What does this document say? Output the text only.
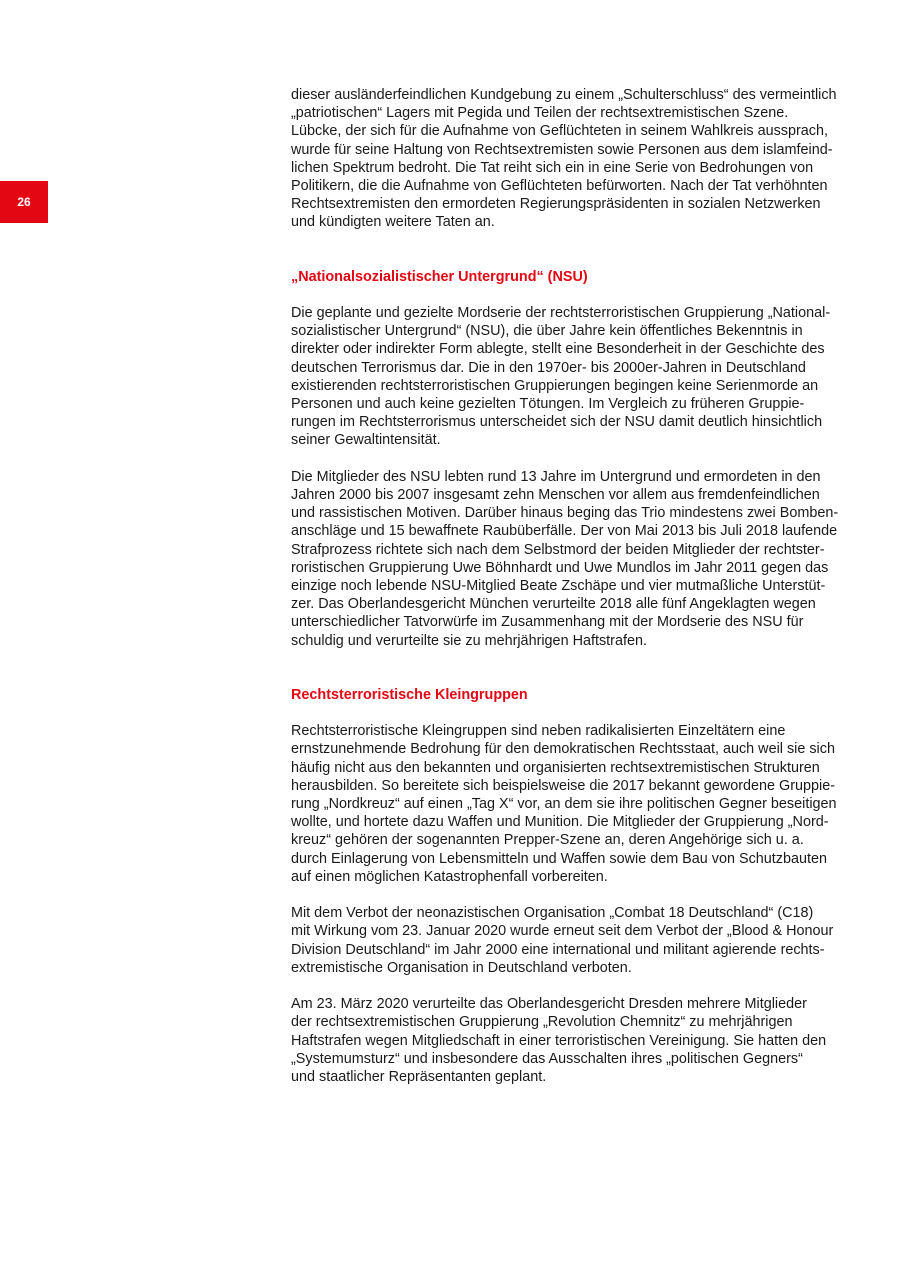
26

dieser ausländerfeindlichen Kundgebung zu einem „Schulterschluss“ des vermeintlich
„patriotischen“ Lagers mit Pegida und Teilen der rechtsextremistischen Szene.
Lübcke, der sich für die Aufnahme von Geflüchteten in seinem Wahlkreis aussprach,
wurde für seine Haltung von Rechtsextremisten sowie Personen aus dem islamfeind-
lichen Spektrum bedroht. Die Tat reiht sich ein in eine Serie von Bedrohungen von
Politikern, die die Aufnahme von Geflüchteten befürworten. Nach der Tat verhöhnten
Rechtsextremisten den ermordeten Regierungspräsidenten in sozialen Netzwerken
und kündigten weitere Taten an.

„Nationalsozialistischer Untergrund“ (NSU)

Die geplante und gezielte Mordserie der rechtsterroristischen Gruppierung „National-
sozialistischer Untergrund“ (NSU), die über Jahre kein öffentliches Bekenntnis in
direkter oder indirekter Form ablegte, stellt eine Besonderheit in der Geschichte des
deutschen Terrorismus dar. Die in den 1970er- bis 2000er-Jahren in Deutschland
existierenden rechtsterroristischen Gruppierungen begingen keine Serienmorde an
Personen und auch keine gezielten Tötungen. Im Vergleich zu früheren Gruppie-
rungen im Rechtsterrorismus unterscheidet sich der NSU damit deutlich hinsichtlich
seiner Gewaltintensität.

Die Mitglieder des NSU lebten rund 13 Jahre im Untergrund und ermordeten in den
Jahren 2000 bis 2007 insgesamt zehn Menschen vor allem aus fremdenfeindlichen
und rassistischen Motiven. Darüber hinaus beging das Trio mindestens zwei Bomben-
anschläge und 15 bewaffnete Raubüberfälle. Der von Mai 2013 bis Juli 2018 laufende
Strafprozess richtete sich nach dem Selbstmord der beiden Mitglieder der rechtster-
roristischen Gruppierung Uwe Böhnhardt und Uwe Mundlos im Jahr 2011 gegen das
einzige noch lebende NSU-Mitglied Beate Zschäpe und vier mutmaßliche Unterstüt-
zer. Das Oberlandesgericht München verurteilte 2018 alle fünf Angeklagten wegen
unterschiedlicher Tatvorwürfe im Zusammenhang mit der Mordserie des NSU für
schuldig und verurteilte sie zu mehrjährigen Haftstrafen.

Rechtsterroristische Kleingruppen

Rechtsterroristische Kleingruppen sind neben radikalisierten Einzeltätern eine
ernstzunehmende Bedrohung für den demokratischen Rechtsstaat, auch weil sie sich
häufig nicht aus den bekannten und organisierten rechtsextremistischen Strukturen
herausbilden. So bereitete sich beispielsweise die 2017 bekannt gewordene Gruppie-
rung „Nordkreuz“ auf einen „Tag X“ vor, an dem sie ihre politischen Gegner beseitigen
wollte, und hortete dazu Waffen und Munition. Die Mitglieder der Gruppierung „Nord-
kreuz“ gehören der sogenannten Prepper-Szene an, deren Angehörige sich u. a.
durch Einlagerung von Lebensmitteln und Waffen sowie dem Bau von Schutzbauten
auf einen möglichen Katastrophenfall vorbereiten.

Mit dem Verbot der neonazistischen Organisation „Combat 18 Deutschland“ (C18)
mit Wirkung vom 23. Januar 2020 wurde erneut seit dem Verbot der „Blood & Honour
Division Deutschland“ im Jahr 2000 eine international und militant agierende rechts-
extremistische Organisation in Deutschland verboten.

Am 23. März 2020 verurteilte das Oberlandesgericht Dresden mehrere Mitglieder
der rechtsextremistischen Gruppierung „Revolution Chemnitz“ zu mehrjährigen
Haftstrafen wegen Mitgliedschaft in einer terroristischen Vereinigung. Sie hatten den
„Systemumsturz“ und insbesondere das Ausschalten ihres „politischen Gegners“
und staatlicher Repräsentanten geplant.
